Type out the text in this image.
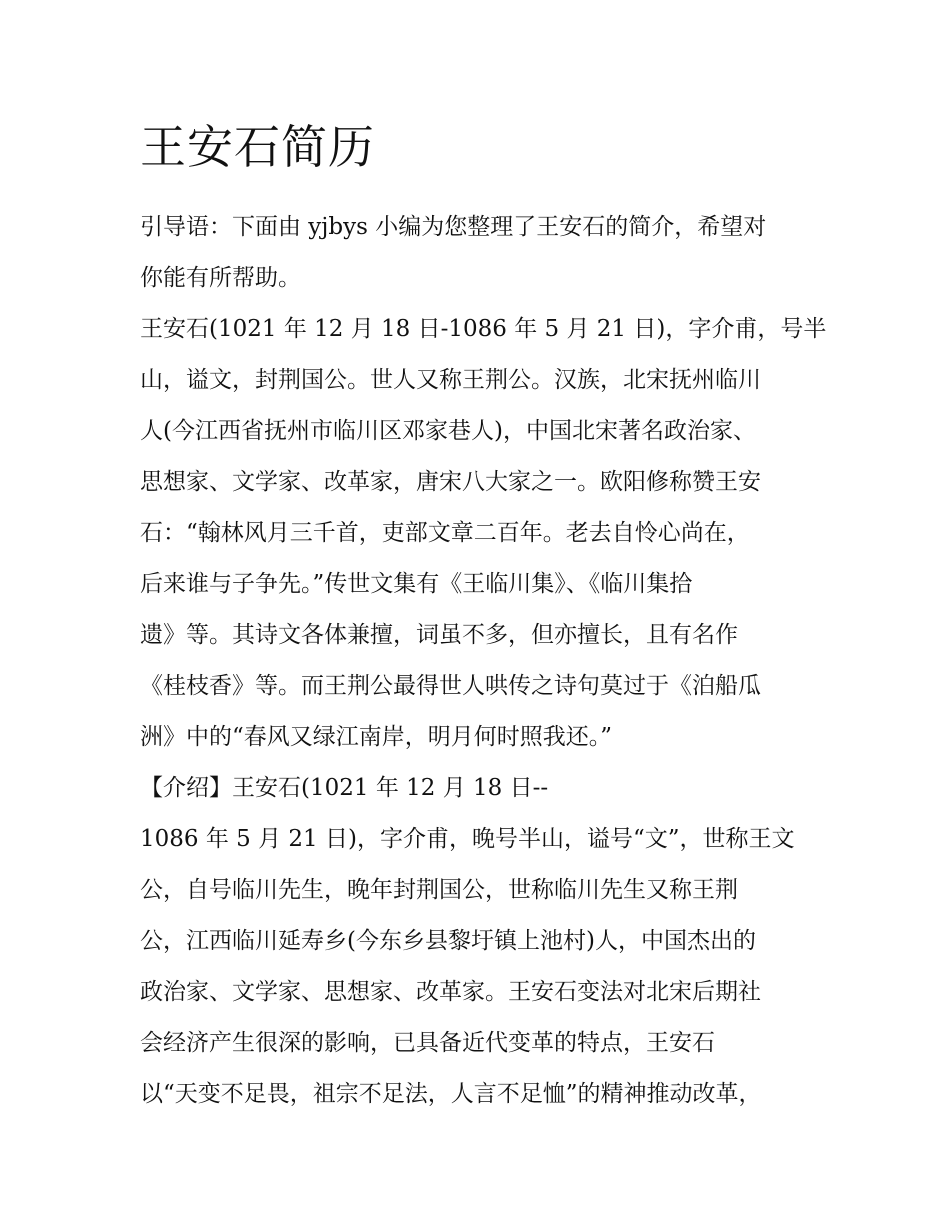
王安石简历

引导语：下面由 yjbys 小编为您整理了王安石的简介，希望对
你能有所帮助。

王安石(1021 年 12 月 18 日-1086 年 5 月 21 日)，字介甫，号半
山，谥文，封荆国公。世人又称王荆公。汉族，北宋抚州临川
人(今江西省抚州市临川区邓家巷人)，中国北宋著名政治家、
思想家、文学家、改革家，唐宋八大家之一。欧阳修称赞王安
石：“翰林风月三千首，吏部文章二百年。老去自怜心尚在，
后来谁与子争先。”传世文集有《王临川集》、《临川集拾
遗》等。其诗文各体兼擅，词虽不多，但亦擅长，且有名作
《桂枝香》等。而王荆公最得世人哄传之诗句莫过于《泊船瓜
洲》中的“春风又绿江南岸，明月何时照我还。”

【介绍】王安石(1021 年 12 月 18 日--

1086 年 5 月 21 日)，字介甫，晚号半山，谥号“文”，世称王文
公，自号临川先生，晚年封荆国公，世称临川先生又称王荆
公，江西临川延寿乡(今东乡县黎圩镇上池村)人，中国杰出的
政治家、文学家、思想家、改革家。王安石变法对北宋后期社
会经济产生很深的影响，已具备近代变革的特点，王安石
以“天变不足畏，祖宗不足法，人言不足恤”的精神推动改革，
